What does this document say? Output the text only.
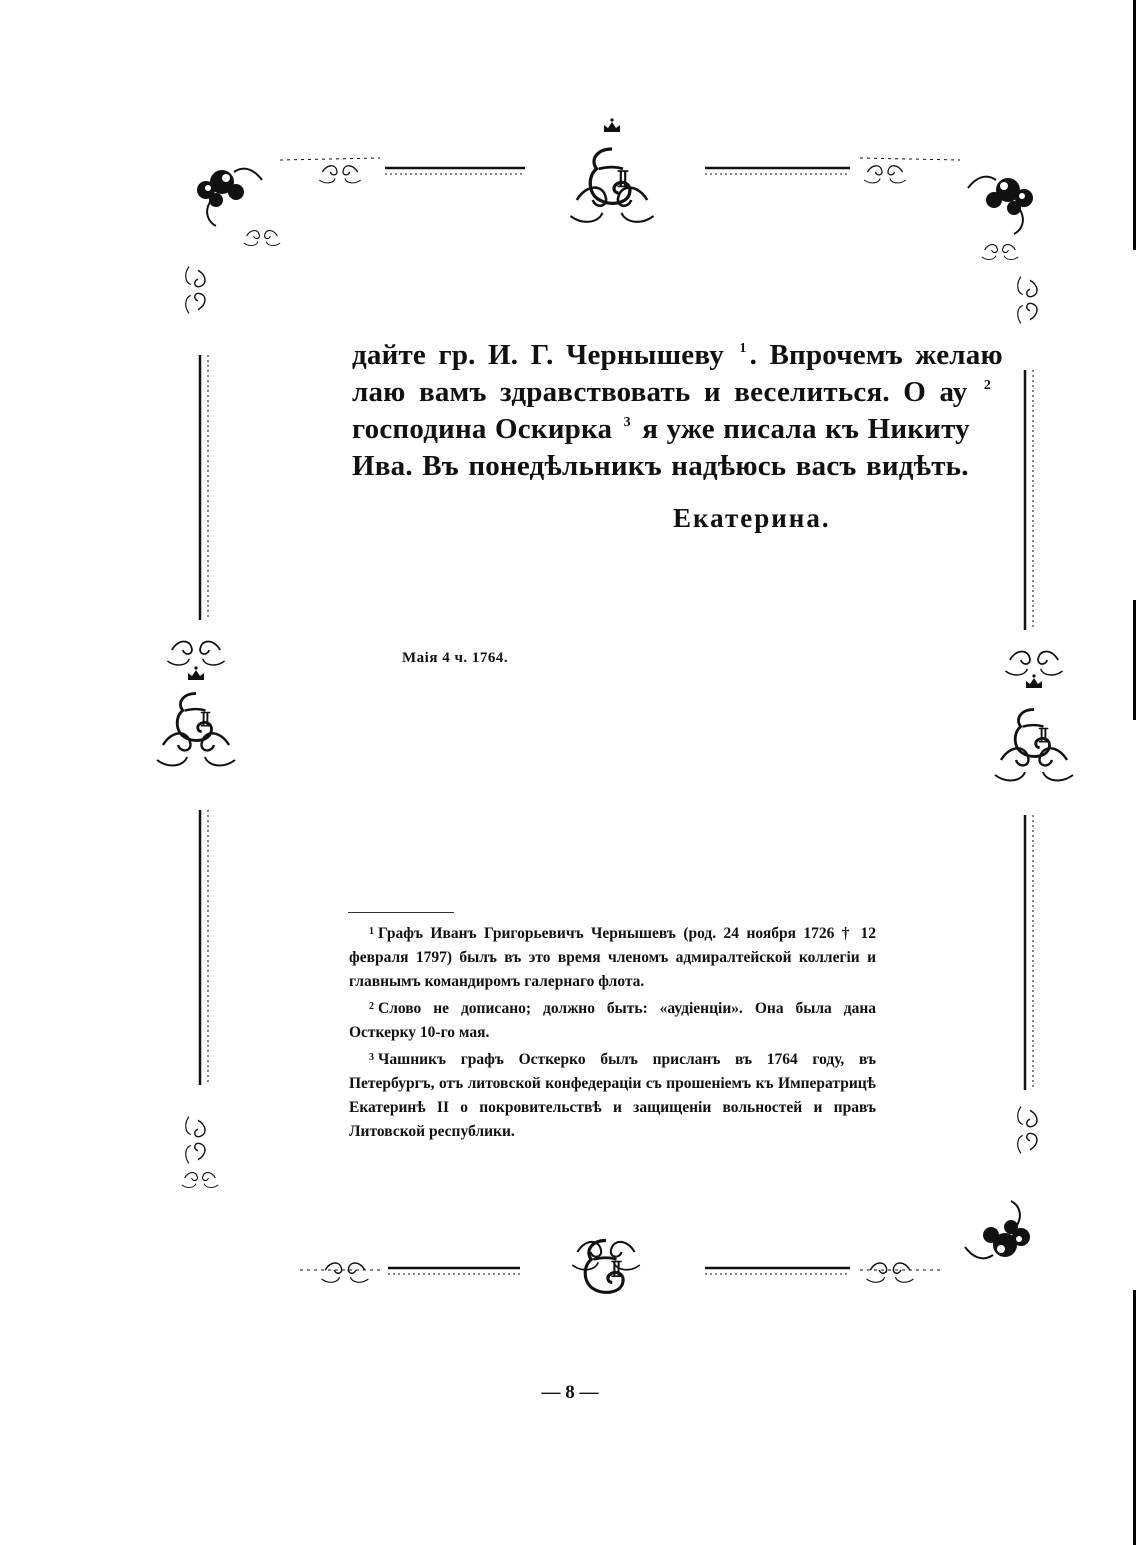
дайте гр. И. Г. Чернышеву $^1$ . Впрочемъ желаю
лаю вамъ здравствовать и веселиться. О ау $^2$
господина Оскирка $^3$ я уже писала къ Никиту
Ива. Въ понедѣльникъ надѣюсь васъ видѣть.
Екатерина.
Маія 4 ч. 1764.

$^1$ Графъ Иванъ Григорьевичъ Чернышевъ (род. 24 ноября 1726 † 12 февраля 1797) былъ въ это время членомъ адмиралтейской коллегіи и главнымъ командиромъ галернаго флота.

$^2$ Слово не дописано; должно быть: «аудіенціи». Она была дана Осткерку 10-го мая.

$^3$ Чашникъ графъ Осткерко былъ присланъ въ 1764 году, въ Петербургъ, отъ литовской конфедераціи съ прошеніемъ къ Императрицѣ Екатеринѣ II о покровительствѣ и защищеніи вольностей и правъ Литовской республики.

— 8 —
